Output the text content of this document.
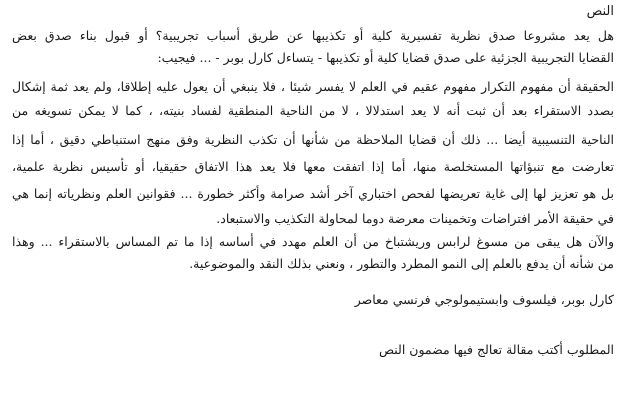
النص
هل يعد مشروعا صدق نظرية تفسيرية كلية أو تكذيبها عن طريق أسباب تجريبية؟ أو قبول بناء صدق بعض
القضايا التجريبية الجزئية على صدق قضايا كلية أو تكذيبها - يتساءل كارل بوبر - ... فيجيب:
الحقيقة أن مفهوم التكرار مفهوم عقيم في العلم لا يفسر شيئا ، فلا ينبغي أن يعول عليه إطلاقا، ولم يعد ثمة إشكال
بصدد الاستقراء بعد أن ثبت أنه لا يعد استدلالا ، لا من الناحية المنطقية لفساد بنيته، ، كما لا يمكن تسويغه من
الناحية التنسيبية أيضا ... ذلك أن قضايا الملاحظة من شأنها أن تكذب النظرية وفق منهج استنباطي دقيق ، أما إذا
تعارضت مع تنبؤاتها المستخلصة منها، أما إذا اتفقت معها فلا يعد هذا الاتفاق حقيقيا، أو تأسيس نظرية علمية،
بل هو تعزيز لها إلى غاية تعريضها لفحص اختباري آخر أشد صرامة وأكثر خطورة ... فقوانين العلم ونظرياته إنما هي
في حقيقة الأمر افتراضات وتخمينات معرضة دوما لمحاولة التكذيب والاستبعاد.
والآن هل يبقى من مسوغ لرابس وريشتباخ من أن العلم مهدد في أساسه إذا ما تم المساس بالاستقراء ... وهذا
من شأنه أن يدفع بالعلم إلى النمو المطرد والتطور ، ونعني بذلك النقد والموضوعية.
كارل بوبر، فيلسوف وابستيمولوجي فرنسي معاصر
المطلوب أكتب مقالة تعالج فيها مضمون النص
